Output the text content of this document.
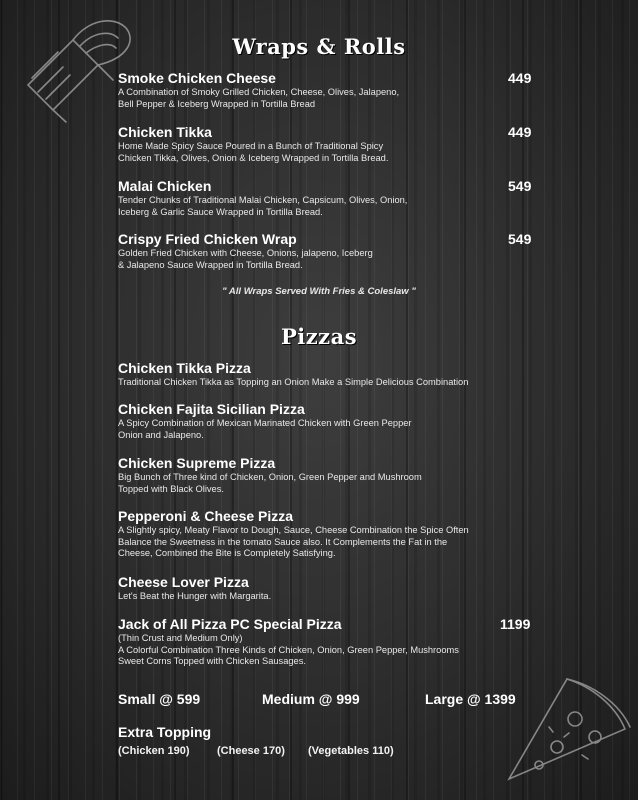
Wraps & Rolls
Smoke Chicken Cheese
A Combination of Smoky Grilled Chicken, Cheese, Olives, Jalapeno,
Bell Pepper & Iceberg Wrapped in Tortilla Bread
449
Chicken Tikka
Home Made Spicy Sauce Poured in a Bunch of Traditional Spicy
Chicken Tikka, Olives, Onion & Iceberg Wrapped in Tortilla Bread.
449
Malai Chicken
Tender Chunks of Traditional Malai Chicken, Capsicum, Olives, Onion,
Iceberg & Garlic Sauce Wrapped in Tortilla Bread.
549
Crispy Fried Chicken Wrap
Golden Fried Chicken with Cheese, Onions, jalapeno, Iceberg
& Jalapeno Sauce Wrapped in Tortilla Bread.
549
" All Wraps Served With Fries & Coleslaw "
Pizzas
Chicken Tikka Pizza
Traditional Chicken Tikka as Topping an Onion Make a Simple Delicious Combination
Chicken Fajita Sicilian Pizza
A Spicy Combination of Mexican Marinated Chicken with Green Pepper
Onion and Jalapeno.
Chicken Supreme Pizza
Big Bunch of Three kind of Chicken, Onion, Green Pepper and Mushroom
Topped with Black Olives.
Pepperoni & Cheese Pizza
A Slightly spicy, Meaty Flavor to Dough, Sauce, Cheese Combination the Spice Often
Balance the Sweetness in the tomato Sauce also. It Complements the Fat in the
Cheese, Combined the Bite is Completely Satisfying.
Cheese Lover Pizza
Let's Beat the Hunger with Margarita.
Jack of All Pizza PC Special Pizza
(Thin Crust and Medium Only)
A Colorful Combination Three Kinds of Chicken, Onion, Green Pepper, Mushrooms
Sweet Corns Topped with Chicken Sausages.
1199
Small @ 599	Medium @ 999	Large @ 1399
Extra Topping
(Chicken 190) (Cheese 170) (Vegetables 110)
